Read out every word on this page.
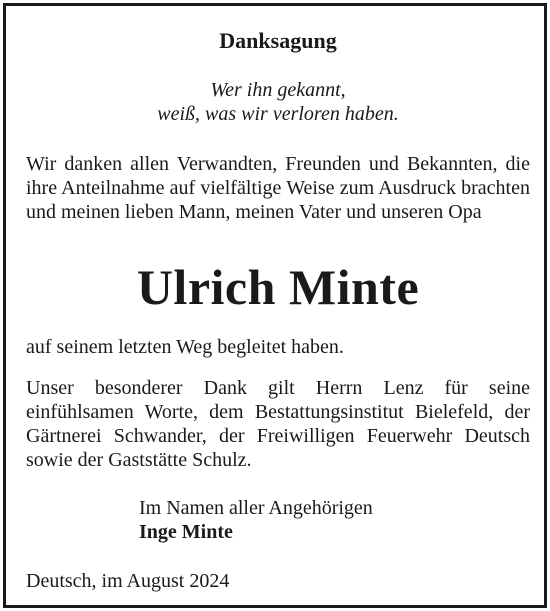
Danksagung
Wer ihn gekannt,
weiß, was wir verloren haben.
Wir danken allen Verwandten, Freunden und Bekannten, die ihre Anteilnahme auf vielfältige Weise zum Ausdruck brachten und meinen lieben Mann, meinen Vater und unseren Opa
Ulrich Minte
auf seinem letzten Weg begleitet haben.
Unser besonderer Dank gilt Herrn Lenz für seine einfühlsamen Worte, dem Bestattungsinstitut Bielefeld, der Gärtnerei Schwander, der Freiwilligen Feuerwehr Deutsch sowie der Gaststätte Schulz.
Im Namen aller Angehörigen
Inge Minte
Deutsch, im August 2024
